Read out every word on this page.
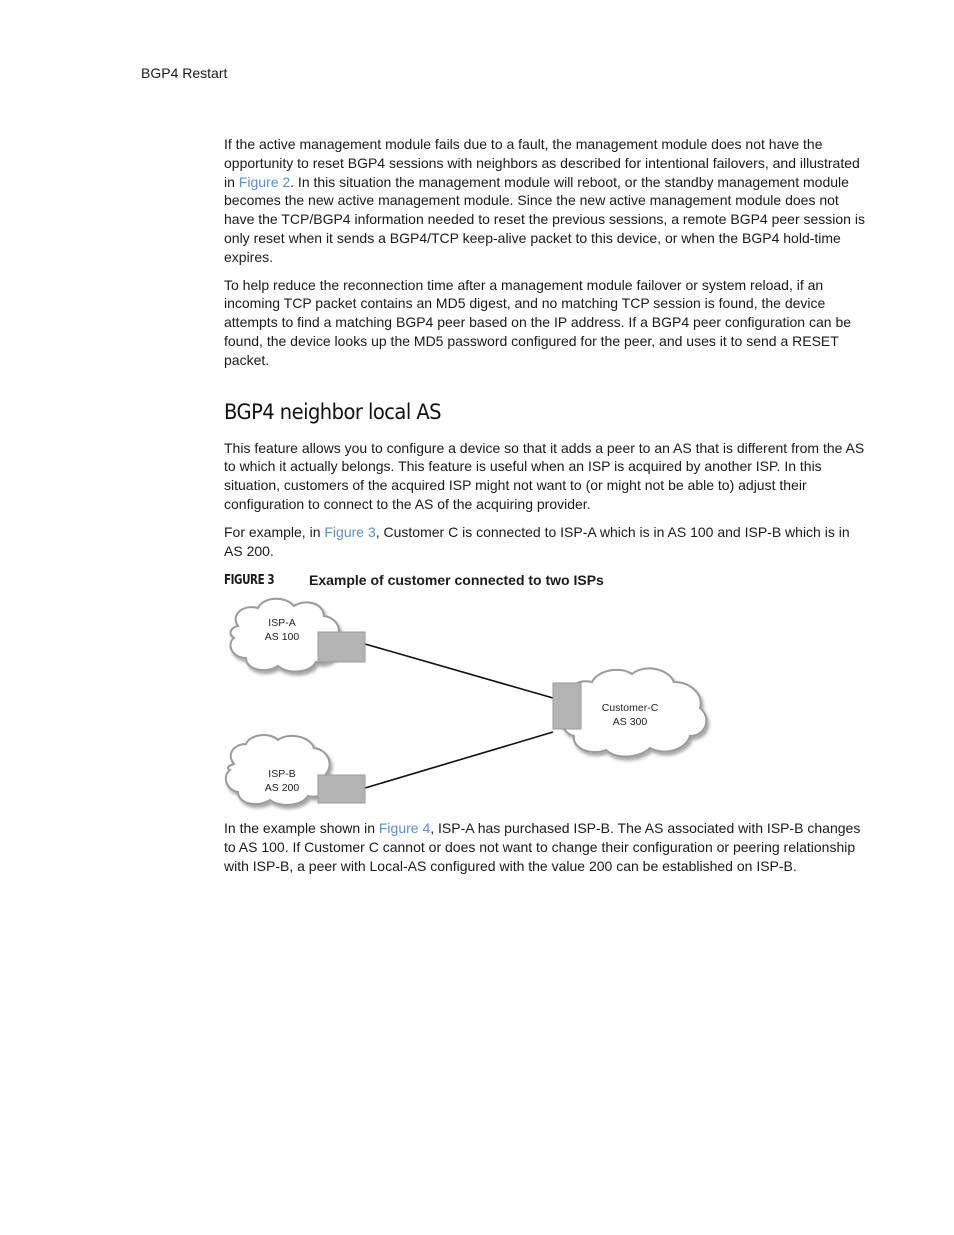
BGP4 Restart

If the active management module fails due to a fault, the management module does not have the opportunity to reset BGP4 sessions with neighbors as described for intentional failovers, and illustrated in Figure 2. In this situation the management module will reboot, or the standby management module becomes the new active management module. Since the new active management module does not have the TCP/BGP4 information needed to reset the previous sessions, a remote BGP4 peer session is only reset when it sends a BGP4/TCP keep-alive packet to this device, or when the BGP4 hold-time expires.

To help reduce the reconnection time after a management module failover or system reload, if an incoming TCP packet contains an MD5 digest, and no matching TCP session is found, the device attempts to find a matching BGP4 peer based on the IP address. If a BGP4 peer configuration can be found, the device looks up the MD5 password configured for the peer, and uses it to send a RESET packet.

BGP4 neighbor local AS

This feature allows you to configure a device so that it adds a peer to an AS that is different from the AS to which it actually belongs. This feature is useful when an ISP is acquired by another ISP. In this situation, customers of the acquired ISP might not want to (or might not be able to) adjust their configuration to connect to the AS of the acquiring provider.

For example, in Figure 3, Customer C is connected to ISP-A which is in AS 100 and ISP-B which is in AS 200.

FIGURE 3 Example of customer connected to two ISPs
ISP-A
AS 100
ISP-B
AS 200
Customer-C
AS 300

In the example shown in Figure 4, ISP-A has purchased ISP-B. The AS associated with ISP-B changes to AS 100. If Customer C cannot or does not want to change their configuration or peering relationship with ISP-B, a peer with Local-AS configured with the value 200 can be established on ISP-B.
